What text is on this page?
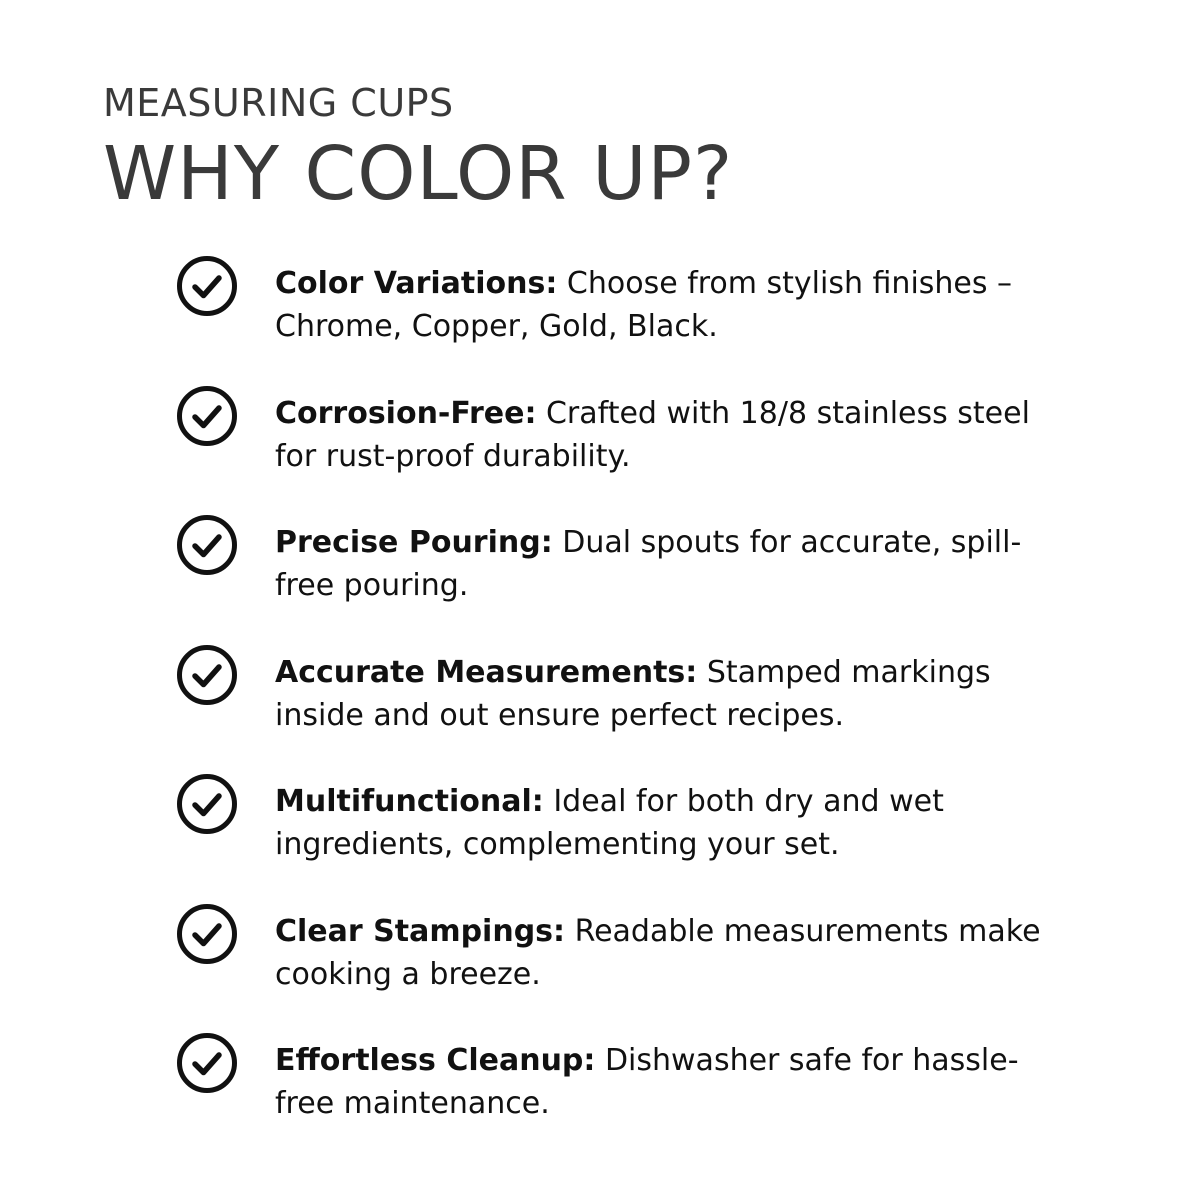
MEASURING CUPS
WHY COLOR UP?
Color Variations: Choose from stylish finishes – Chrome, Copper, Gold, Black.
Corrosion-Free: Crafted with 18/8 stainless steel for rust-proof durability.
Precise Pouring: Dual spouts for accurate, spill-free pouring.
Accurate Measurements: Stamped markings inside and out ensure perfect recipes.
Multifunctional: Ideal for both dry and wet ingredients, complementing your set.
Clear Stampings: Readable measurements make cooking a breeze.
Effortless Cleanup: Dishwasher safe for hassle-free maintenance.
